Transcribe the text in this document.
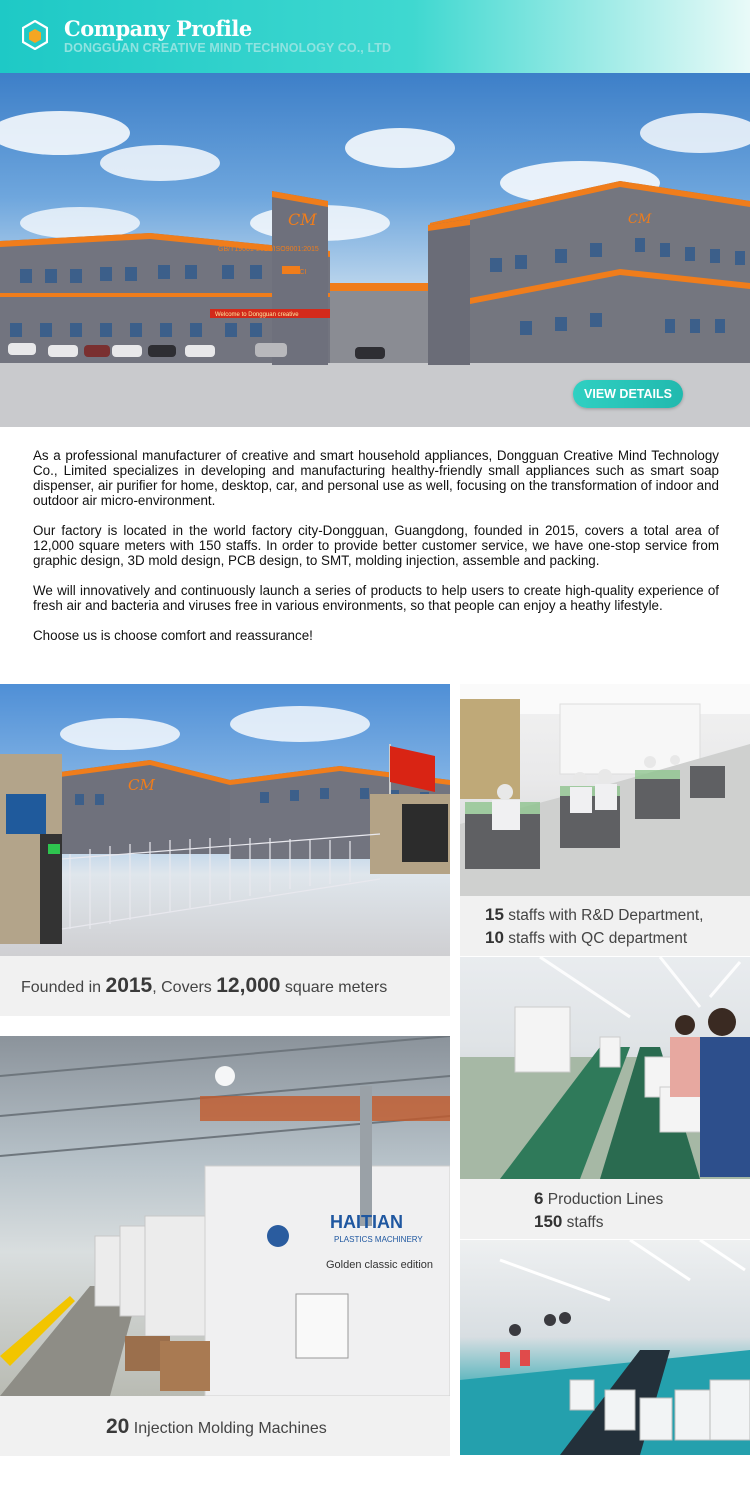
Company Profile
DONGGUAN CREATIVE MIND TECHNOLOGY CO., LTD
CM
GB/T19001-2016/ISO9001:2015
BSCI
Welcome to Dongguan creative
CM
VIEW DETAILS

As a professional manufacturer of creative and smart household appliances, Dongguan Creative Mind Technology Co., Limited specializes in developing and manufacturing healthy-friendly small appliances such as smart soap dispenser, air purifier for home, desktop, car, and personal use as well, focusing on the transformation of indoor and outdoor air micro-environment.

Our factory is located in the world factory city-Dongguan, Guangdong, founded in 2015, covers a total area of 12,000 square meters with 150 staffs. In order to provide better customer service, we have one-stop service from graphic design, 3D mold design, PCB design, to SMT, molding injection, assemble and packing.

We will innovatively and continuously launch a series of products to help users to create high-quality experience of fresh air and bacteria and viruses free in various environments, so that people can enjoy a heathy lifestyle.

Choose us is choose comfort and reassurance!

CM
Founded in 2015, Covers 12,000 square meters
15 staffs with R&D Department,
10 staffs with QC department
6 Production Lines
150 staffs
HAITIAN
PLASTICS MACHINERY
Golden classic edition
20 Injection Molding Machines
